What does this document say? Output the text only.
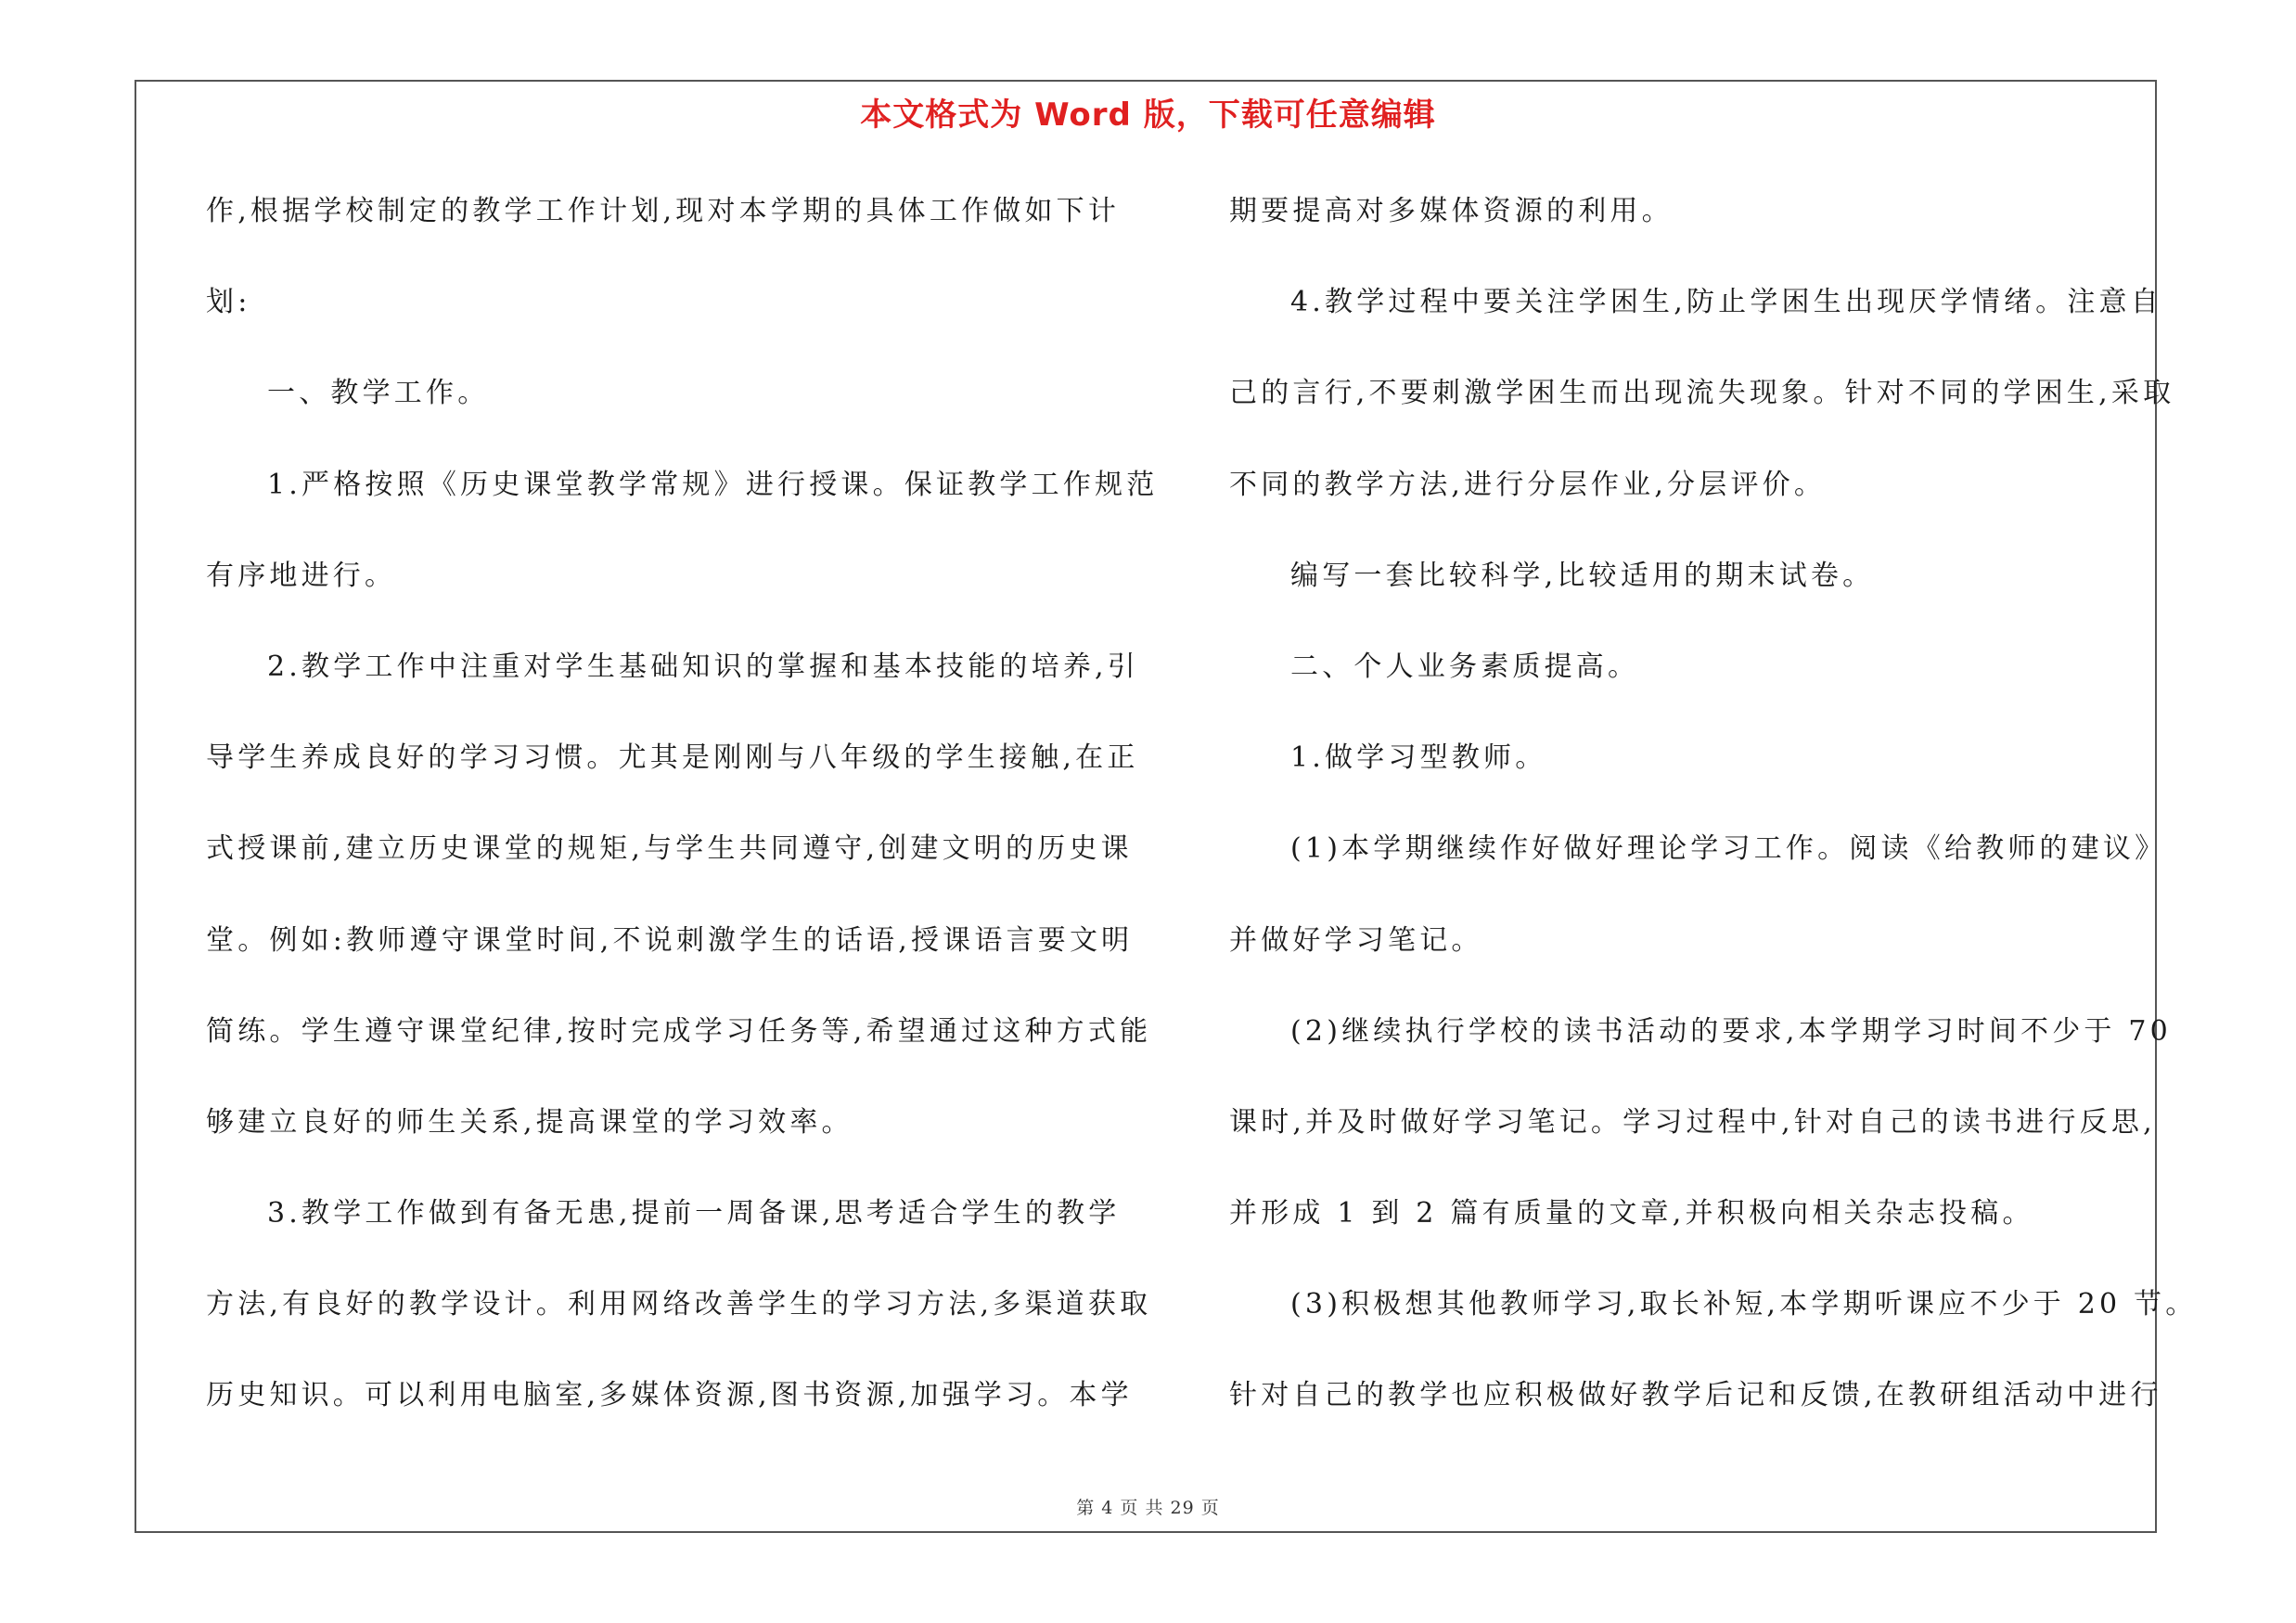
本文格式为 Word 版，下载可任意编辑
作,根据学校制定的教学工作计划,现对本学期的具体工作做如下计
划:
一、教学工作。
1.严格按照《历史课堂教学常规》进行授课。保证教学工作规范
有序地进行。
2.教学工作中注重对学生基础知识的掌握和基本技能的培养,引
导学生养成良好的学习习惯。尤其是刚刚与八年级的学生接触,在正
式授课前,建立历史课堂的规矩,与学生共同遵守,创建文明的历史课
堂。例如:教师遵守课堂时间,不说刺激学生的话语,授课语言要文明
简练。学生遵守课堂纪律,按时完成学习任务等,希望通过这种方式能
够建立良好的师生关系,提高课堂的学习效率。
3.教学工作做到有备无患,提前一周备课,思考适合学生的教学
方法,有良好的教学设计。利用网络改善学生的学习方法,多渠道获取
历史知识。可以利用电脑室,多媒体资源,图书资源,加强学习。本学
期要提高对多媒体资源的利用。
4.教学过程中要关注学困生,防止学困生出现厌学情绪。注意自
己的言行,不要刺激学困生而出现流失现象。针对不同的学困生,采取
不同的教学方法,进行分层作业,分层评价。
编写一套比较科学,比较适用的期末试卷。
二、个人业务素质提高。
1.做学习型教师。
(1)本学期继续作好做好理论学习工作。阅读《给教师的建议》
并做好学习笔记。
(2)继续执行学校的读书活动的要求,本学期学习时间不少于 70
课时,并及时做好学习笔记。学习过程中,针对自己的读书进行反思,
并形成 1 到 2 篇有质量的文章,并积极向相关杂志投稿。
(3)积极想其他教师学习,取长补短,本学期听课应不少于 20 节。
针对自己的教学也应积极做好教学后记和反馈,在教研组活动中进行
第 4 页 共 29 页
